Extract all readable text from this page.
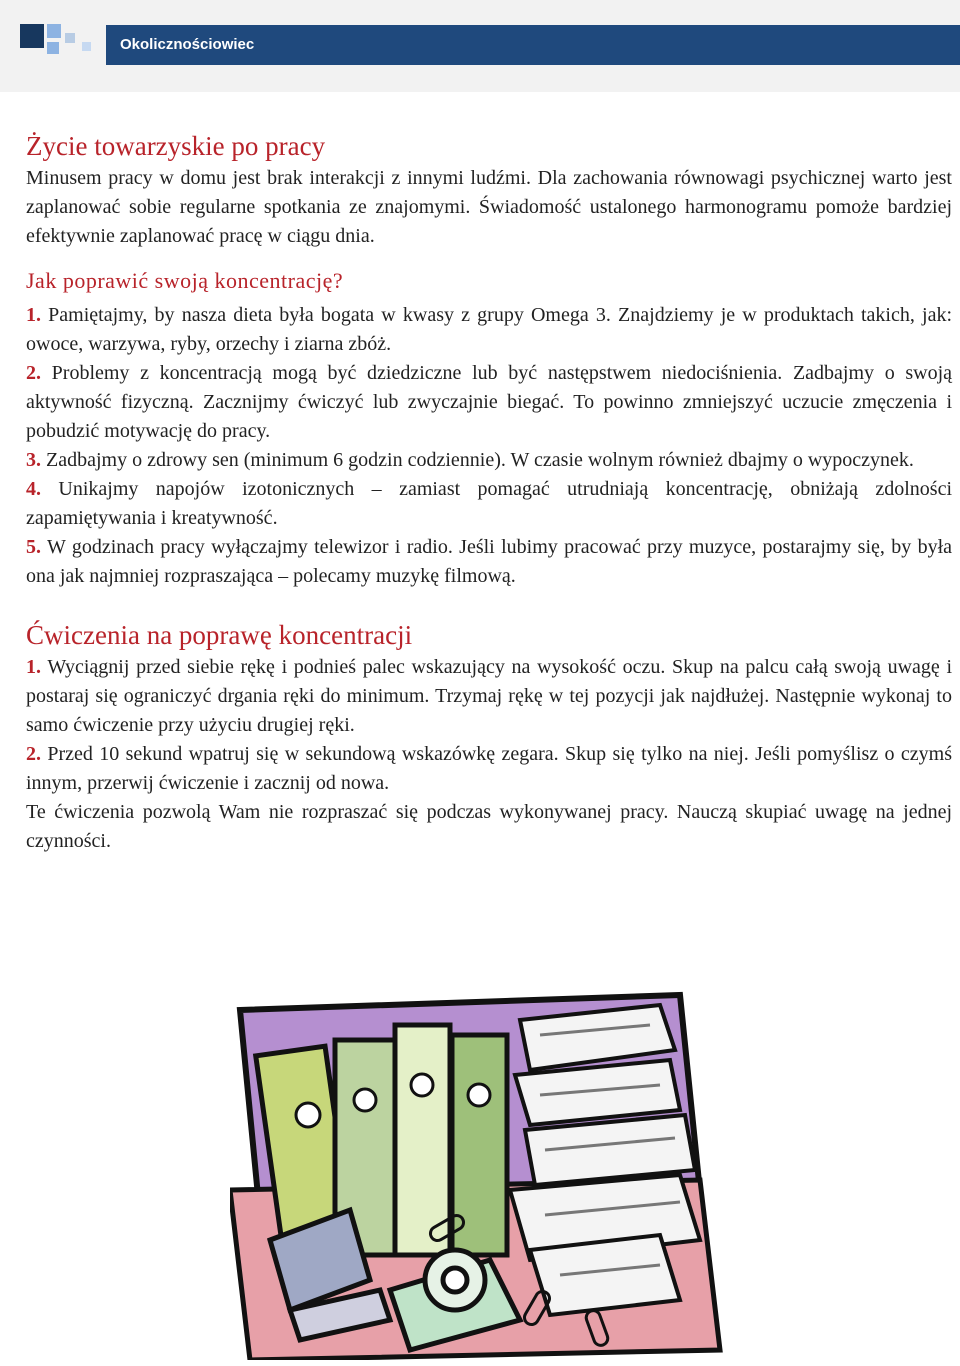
Okolicznościowiec
Życie towarzyskie po pracy

Minusem pracy w domu jest brak interakcji z innymi ludźmi. Dla zachowania równowagi psychicznej warto jest zaplanować sobie regularne spotkania ze znajomymi. Świadomość ustalonego harmonogramu pomoże bardziej efektywnie zaplanować pracę w ciągu dnia.

Jak poprawić swoją koncentrację?

1. Pamiętajmy, by nasza dieta była bogata w kwasy z grupy Omega 3. Znajdziemy je w produktach takich, jak: owoce, warzywa, ryby, orzechy i ziarna zbóż.

2. Problemy z koncentracją mogą być dziedziczne lub być następstwem niedociśnienia. Zadbajmy o swoją aktywność fizyczną. Zacznijmy ćwiczyć lub zwyczajnie biegać. To powinno zmniejszyć uczucie zmęczenia i pobudzić motywację do pracy.

3. Zadbajmy o zdrowy sen (minimum 6 godzin codziennie). W czasie wolnym również dbajmy o wypoczynek.

4. Unikajmy napojów izotonicznych – zamiast pomagać utrudniają koncentrację, obniżają zdolności zapamiętywania i kreatywność.

5. W godzinach pracy wyłączajmy telewizor i radio. Jeśli lubimy pracować przy muzyce, postarajmy się, by była ona jak najmniej rozpraszająca – polecamy muzykę filmową.

Ćwiczenia na poprawę koncentracji

1. Wyciągnij przed siebie rękę i podnieś palec wskazujący na wysokość oczu. Skup na palcu całą swoją uwagę i postaraj się ograniczyć drgania ręki do minimum. Trzymaj rękę w tej pozycji jak najdłużej. Następnie wykonaj to samo ćwiczenie przy użyciu drugiej ręki.

2. Przed 10 sekund wpatruj się w sekundową wskazówkę zegara. Skup się tylko na niej. Jeśli pomyślisz o czymś innym, przerwij ćwiczenie i zacznij od nowa.

Te ćwiczenia pozwolą Wam nie rozpraszać się podczas wykonywanej pracy. Nauczą skupiać uwagę na jednej czynności.
